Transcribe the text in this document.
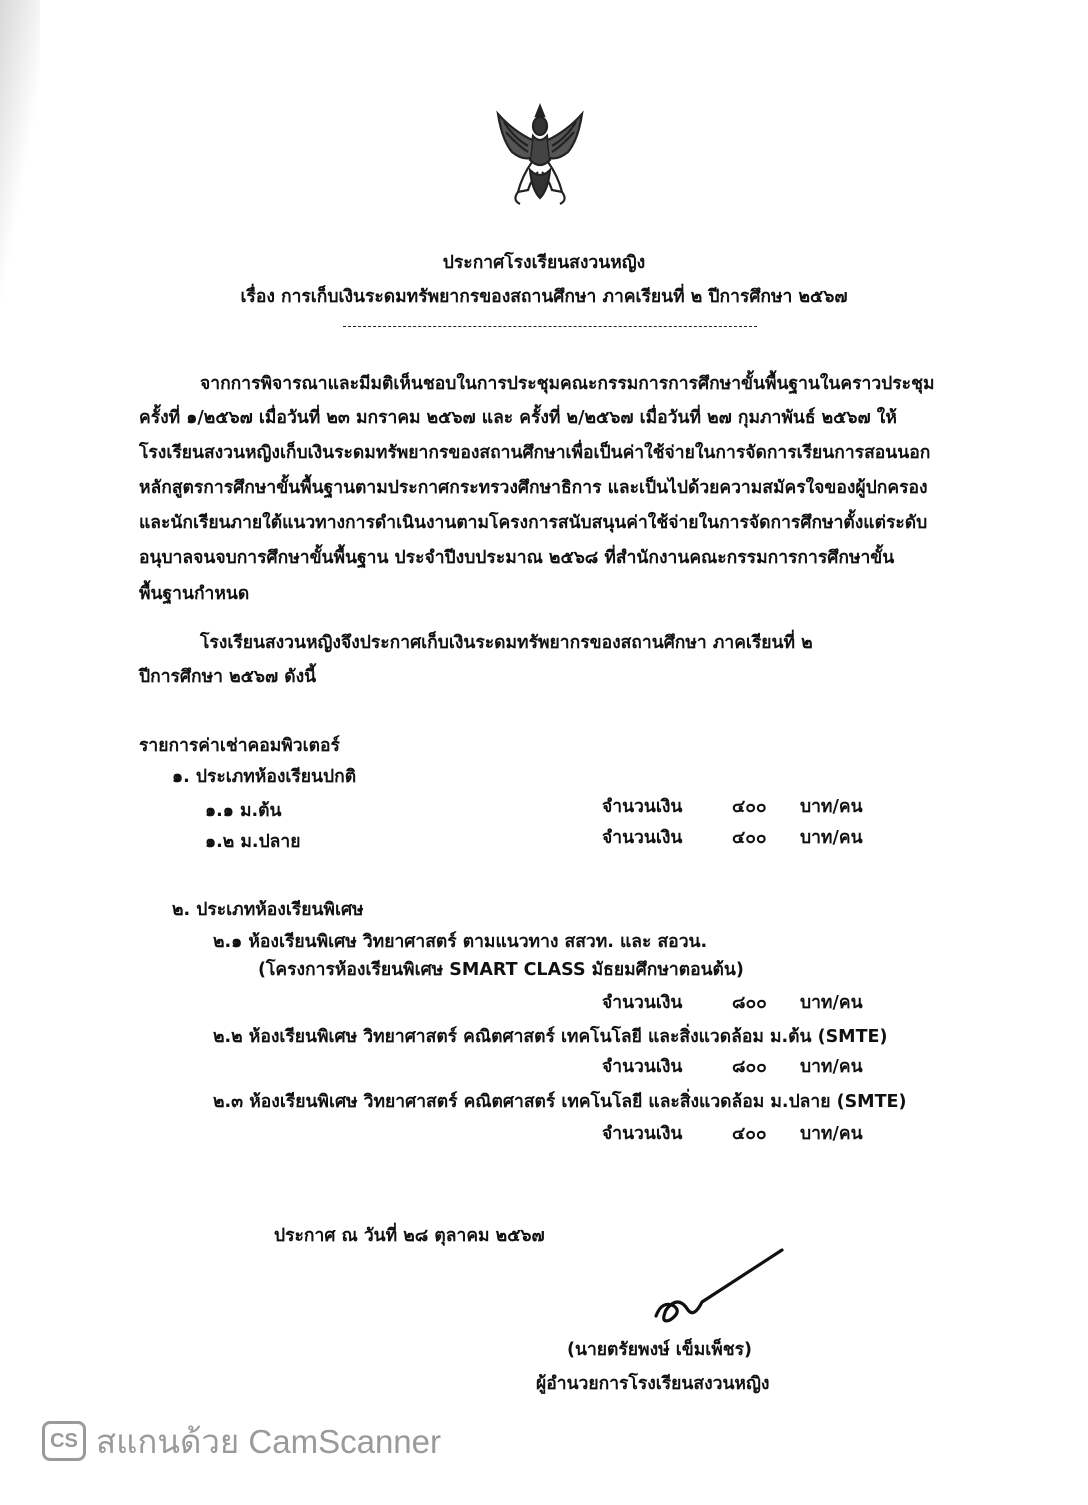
ประกาศโรงเรียนสงวนหญิง
เรื่อง การเก็บเงินระดมทรัพยากรของสถานศึกษา ภาคเรียนที่ ๒ ปีการศึกษา ๒๕๖๗
จากการพิจารณาและมีมติเห็นชอบในการประชุมคณะกรรมการการศึกษาขั้นพื้นฐานในคราวประชุม
ครั้งที่ ๑/๒๕๖๗ เมื่อวันที่ ๒๓ มกราคม ๒๕๖๗ และ ครั้งที่ ๒/๒๕๖๗ เมื่อวันที่ ๒๗ กุมภาพันธ์ ๒๕๖๗ ให้
โรงเรียนสงวนหญิงเก็บเงินระดมทรัพยากรของสถานศึกษาเพื่อเป็นค่าใช้จ่ายในการจัดการเรียนการสอนนอก
หลักสูตรการศึกษาขั้นพื้นฐานตามประกาศกระทรวงศึกษาธิการ และเป็นไปด้วยความสมัครใจของผู้ปกครอง
และนักเรียนภายใต้แนวทางการดำเนินงานตามโครงการสนับสนุนค่าใช้จ่ายในการจัดการศึกษาตั้งแต่ระดับ
อนุบาลจนจบการศึกษาขั้นพื้นฐาน ประจำปีงบประมาณ ๒๕๖๘ ที่สำนักงานคณะกรรมการการศึกษาขั้น
พื้นฐานกำหนด
โรงเรียนสงวนหญิงจึงประกาศเก็บเงินระดมทรัพยากรของสถานศึกษา ภาคเรียนที่ ๒
ปีการศึกษา ๒๕๖๗ ดังนี้
รายการค่าเช่าคอมพิวเตอร์
๑. ประเภทห้องเรียนปกติ
๑.๑ ม.ต้น	จำนวนเงิน	๔๐๐ บาท/คน
๑.๒ ม.ปลาย	จำนวนเงิน	๔๐๐ บาท/คน
๒. ประเภทห้องเรียนพิเศษ
๒.๑ ห้องเรียนพิเศษ วิทยาศาสตร์ ตามแนวทาง สสวท. และ สอวน.
(โครงการห้องเรียนพิเศษ SMART CLASS มัธยมศึกษาตอนต้น)
จำนวนเงิน	๘๐๐ บาท/คน
๒.๒ ห้องเรียนพิเศษ วิทยาศาสตร์ คณิตศาสตร์ เทคโนโลยี และสิ่งแวดล้อม ม.ต้น (SMTE)
จำนวนเงิน	๘๐๐ บาท/คน
๒.๓ ห้องเรียนพิเศษ วิทยาศาสตร์ คณิตศาสตร์ เทคโนโลยี และสิ่งแวดล้อม ม.ปลาย (SMTE)
จำนวนเงิน	๔๐๐ บาท/คน
ประกาศ ณ วันที่ ๒๘ ตุลาคม ๒๕๖๗
(นายตรัยพงษ์ เข็มเพ็ชร)
ผู้อำนวยการโรงเรียนสงวนหญิง
CS สแกนด้วย CamScanner
